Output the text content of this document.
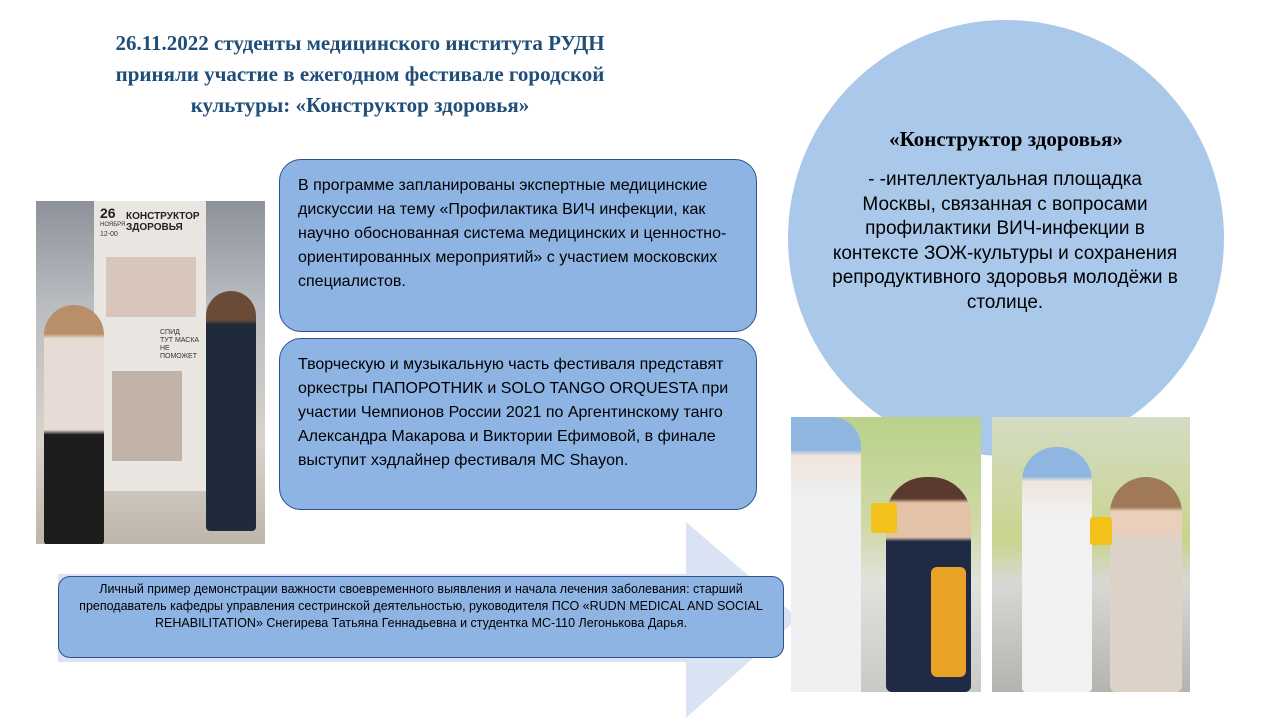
26.11.2022 студенты медицинского института РУДН
приняли участие в ежегодном фестивале городской
культуры: «Конструктор здоровья»
26
НОЯБРЯ
12-00
КОНСТРУКТОР
ЗДОРОВЬЯ
СПИД
ТУТ МАСКА
НЕ ПОМОЖЕТ
В программе запланированы экспертные медицинские дискуссии на тему «Профилактика ВИЧ инфекции, как научно обоснованная система медицинских и ценностно-ориентированных мероприятий» с участием московских специалистов.
Творческую и музыкальную часть фестиваля представят оркестры ПАПОРОТНИК и SOLO TANGO ORQUESTA при участии Чемпионов России 2021 по Аргентинскому танго Александра Макарова и Виктории Ефимовой, в финале выступит хэдлайнер фестиваля MC Shayon.
«Конструктор здоровья»
- -интеллектуальная площадка Москвы, связанная с вопросами профилактики ВИЧ-инфекции в контексте ЗОЖ-культуры и сохранения репродуктивного здоровья молодёжи в столице.
Личный пример демонстрации важности своевременного выявления и начала лечения заболевания: старший преподаватель кафедры управления сестринской деятельностью, руководителя ПСО «RUDN MEDICAL AND SOCIAL REHABILITATION» Снегирева Татьяна Геннадьевна и студентка МС-110 Легонькова Дарья.
